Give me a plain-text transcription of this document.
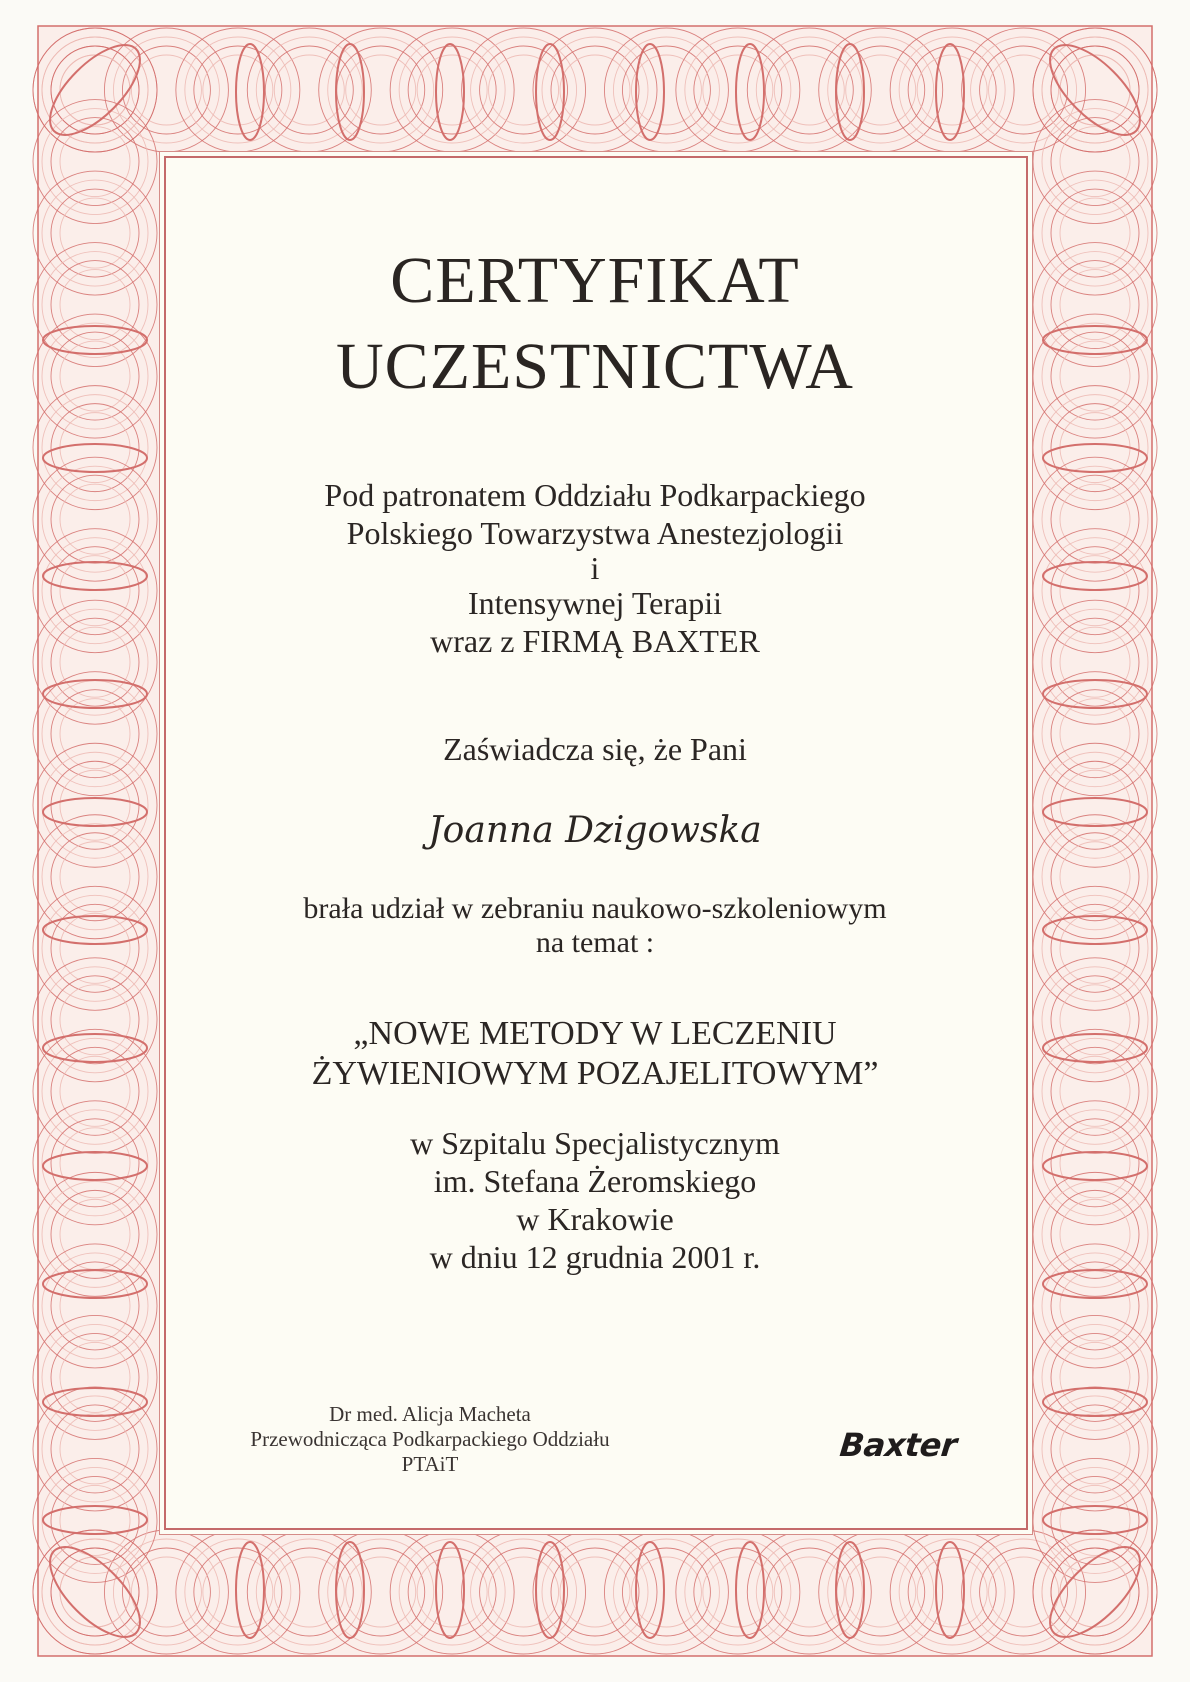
CERTYFIKAT
UCZESTNICTWA
Pod patronatem Oddziału Podkarpackiego
Polskiego Towarzystwa Anestezjologii
i
Intensywnej Terapii
wraz z FIRMĄ BAXTER
Zaświadcza się, że Pani
Joanna Dzigowska
brała udział w zebraniu naukowo-szkoleniowym
na temat :
„NOWE METODY W LECZENIU
ŻYWIENIOWYM POZAJELITOWYM”
w Szpitalu Specjalistycznym
im. Stefana Żeromskiego
w Krakowie
w dniu 12 grudnia 2001 r.
Dr med. Alicja Macheta
Przewodnicząca Podkarpackiego Oddziału
PTAiT	Baxter
